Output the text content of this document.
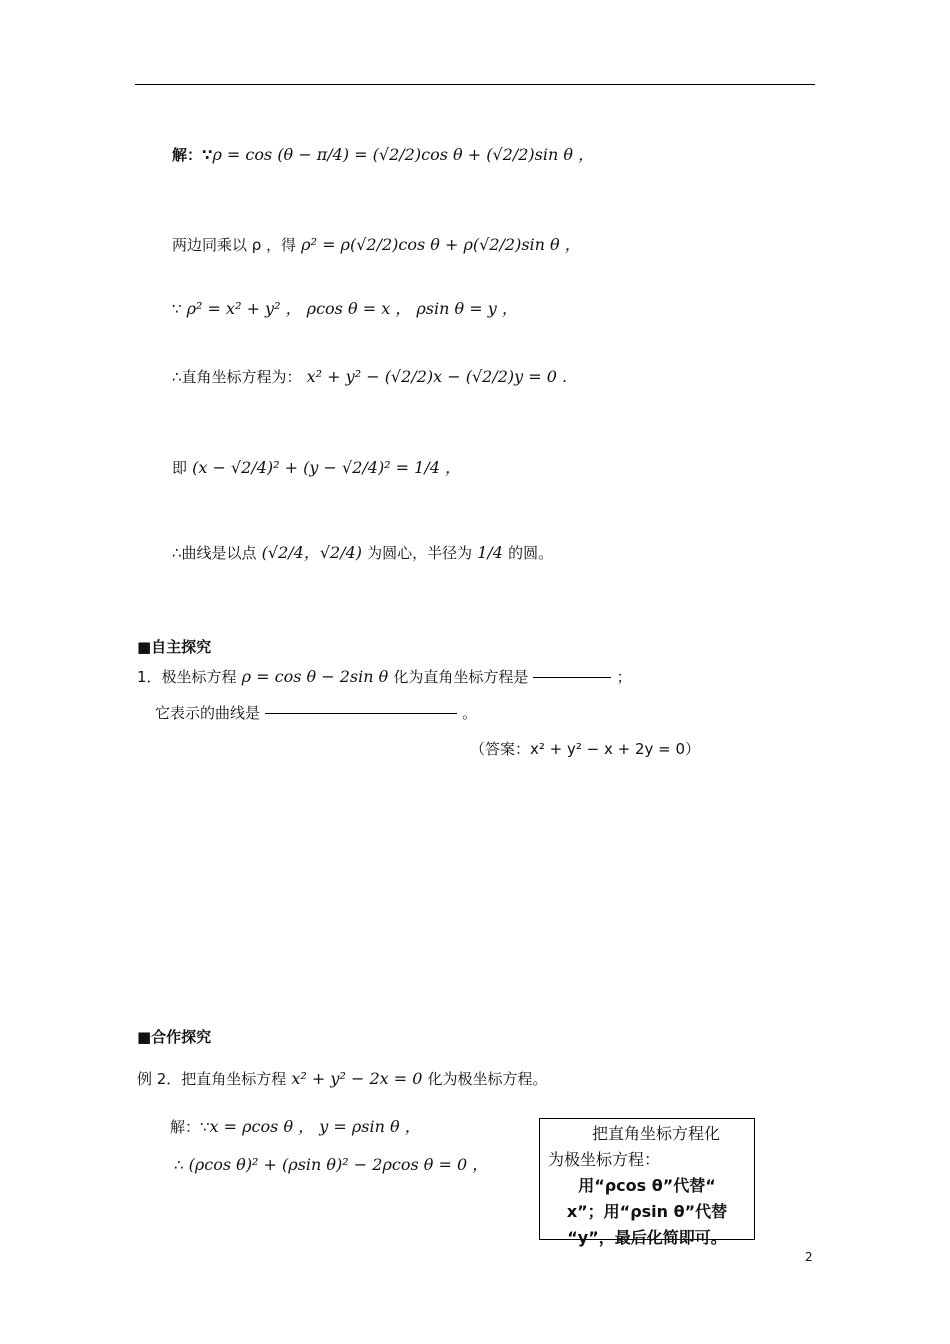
解：∵ρ = cos (θ − π/4) = (√2/2)cos θ + (√2/2)sin θ ，
两边同乘以 ρ ，得 ρ² = ρ(√2/2)cos θ + ρ(√2/2)sin θ ，
∵ ρ² = x² + y² ， ρcos θ = x ， ρsin θ = y ，
∴直角坐标方程为： x² + y² − (√2/2)x − (√2/2)y = 0 .
即 (x − √2/4)² + (y − √2/4)² = 1/4 ，
∴曲线是以点 (√2/4，√2/4) 为圆心，半径为 1/4 的圆。
■自主探究
1．极坐标方程 ρ = cos θ − 2sin θ 化为直角坐标方程是	；
它表示的曲线是	。
（答案：x² + y² − x + 2y = 0）
■合作探究
例 2．把直角坐标方程 x² + y² − 2x = 0 化为极坐标方程。
解：∵x = ρcos θ ， y = ρsin θ ，
∴ (ρcos θ)² + (ρsin θ)² − 2ρcos θ = 0 ，
把直角坐标方程化
为极坐标方程：
用“ρcos θ”代替“
x”；用“ρsin θ”代替
“y”，最后化简即可。
2
